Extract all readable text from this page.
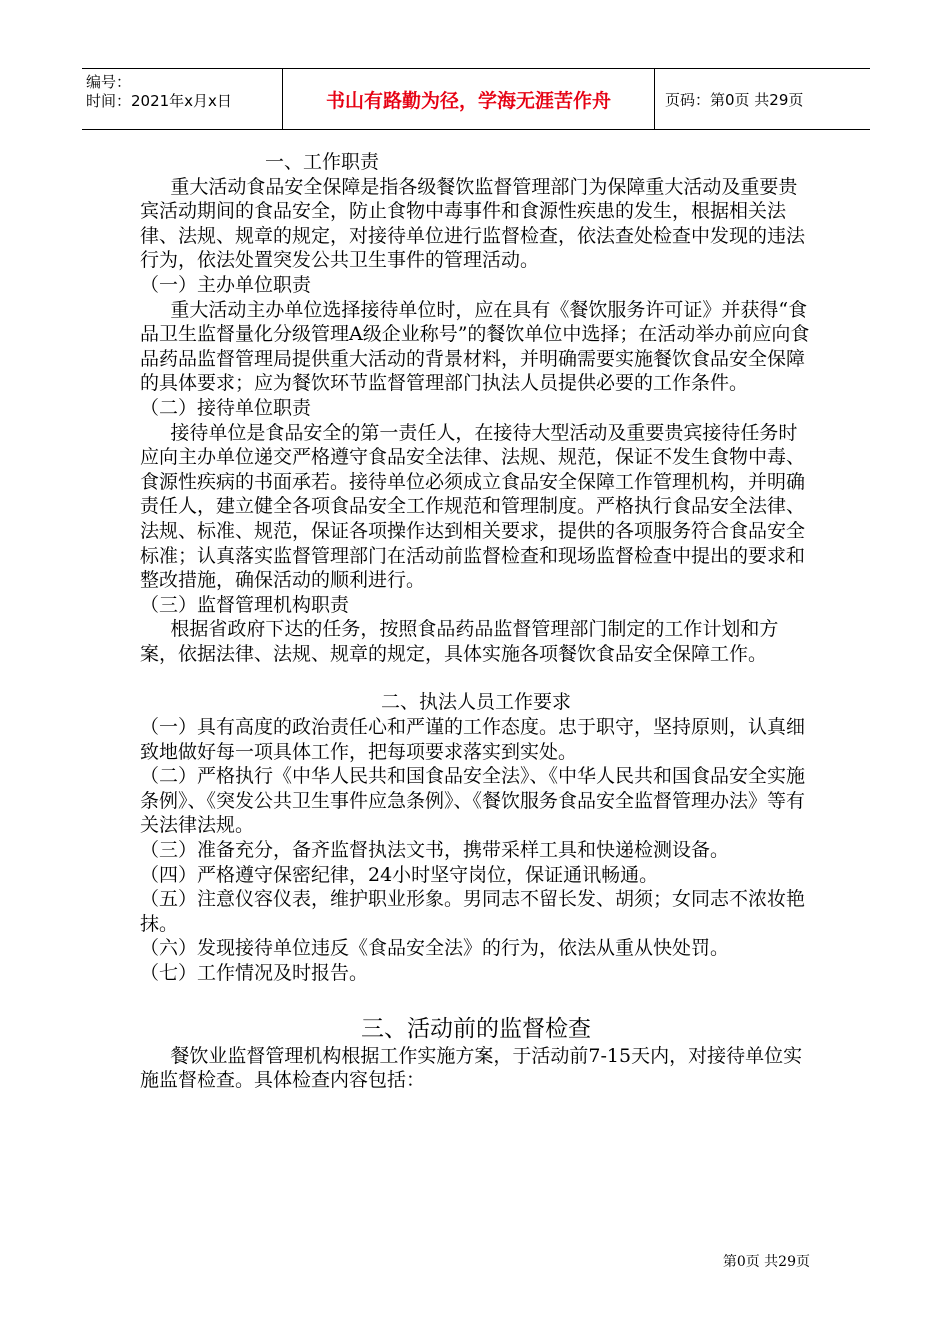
编号：
时间：2021年x月x日	书山有路勤为径，学海无涯苦作舟	页码：第0页 共29页

一、工作职责

重大活动食品安全保障是指各级餐饮监督管理部门为保障重大活动及重要贵宾活动期间的食品安全，防止食物中毒事件和食源性疾患的发生，根据相关法律、法规、规章的规定，对接待单位进行监督检查，依法查处检查中发现的违法行为，依法处置突发公共卫生事件的管理活动。

（一）主办单位职责

重大活动主办单位选择接待单位时，应在具有《餐饮服务许可证》并获得“食品卫生监督量化分级管理A级企业称号”的餐饮单位中选择；在活动举办前应向食品药品监督管理局提供重大活动的背景材料，并明确需要实施餐饮食品安全保障的具体要求；应为餐饮环节监督管理部门执法人员提供必要的工作条件。

（二）接待单位职责

接待单位是食品安全的第一责任人，在接待大型活动及重要贵宾接待任务时应向主办单位递交严格遵守食品安全法律、法规、规范，保证不发生食物中毒、食源性疾病的书面承若。接待单位必须成立食品安全保障工作管理机构，并明确责任人，建立健全各项食品安全工作规范和管理制度。严格执行食品安全法律、法规、标准、规范，保证各项操作达到相关要求，提供的各项服务符合食品安全标准；认真落实监督管理部门在活动前监督检查和现场监督检查中提出的要求和整改措施，确保活动的顺利进行。

（三）监督管理机构职责

根据省政府下达的任务，按照食品药品监督管理部门制定的工作计划和方案，依据法律、法规、规章的规定，具体实施各项餐饮食品安全保障工作。

二、执法人员工作要求

（一）具有高度的政治责任心和严谨的工作态度。忠于职守，坚持原则，认真细致地做好每一项具体工作，把每项要求落实到实处。

（二）严格执行《中华人民共和国食品安全法》、《中华人民共和国食品安全实施条例》、《突发公共卫生事件应急条例》、《餐饮服务食品安全监督管理办法》等有关法律法规。

（三）准备充分，备齐监督执法文书，携带采样工具和快递检测设备。

（四）严格遵守保密纪律，24小时坚守岗位，保证通讯畅通。

（五）注意仪容仪表，维护职业形象。男同志不留长发、胡须；女同志不浓妆艳抹。

（六）发现接待单位违反《食品安全法》的行为，依法从重从快处罚。

（七）工作情况及时报告。

三、活动前的监督检查

餐饮业监督管理机构根据工作实施方案，于活动前7-15天内，对接待单位实施监督检查。具体检查内容包括：

第0页 共29页
